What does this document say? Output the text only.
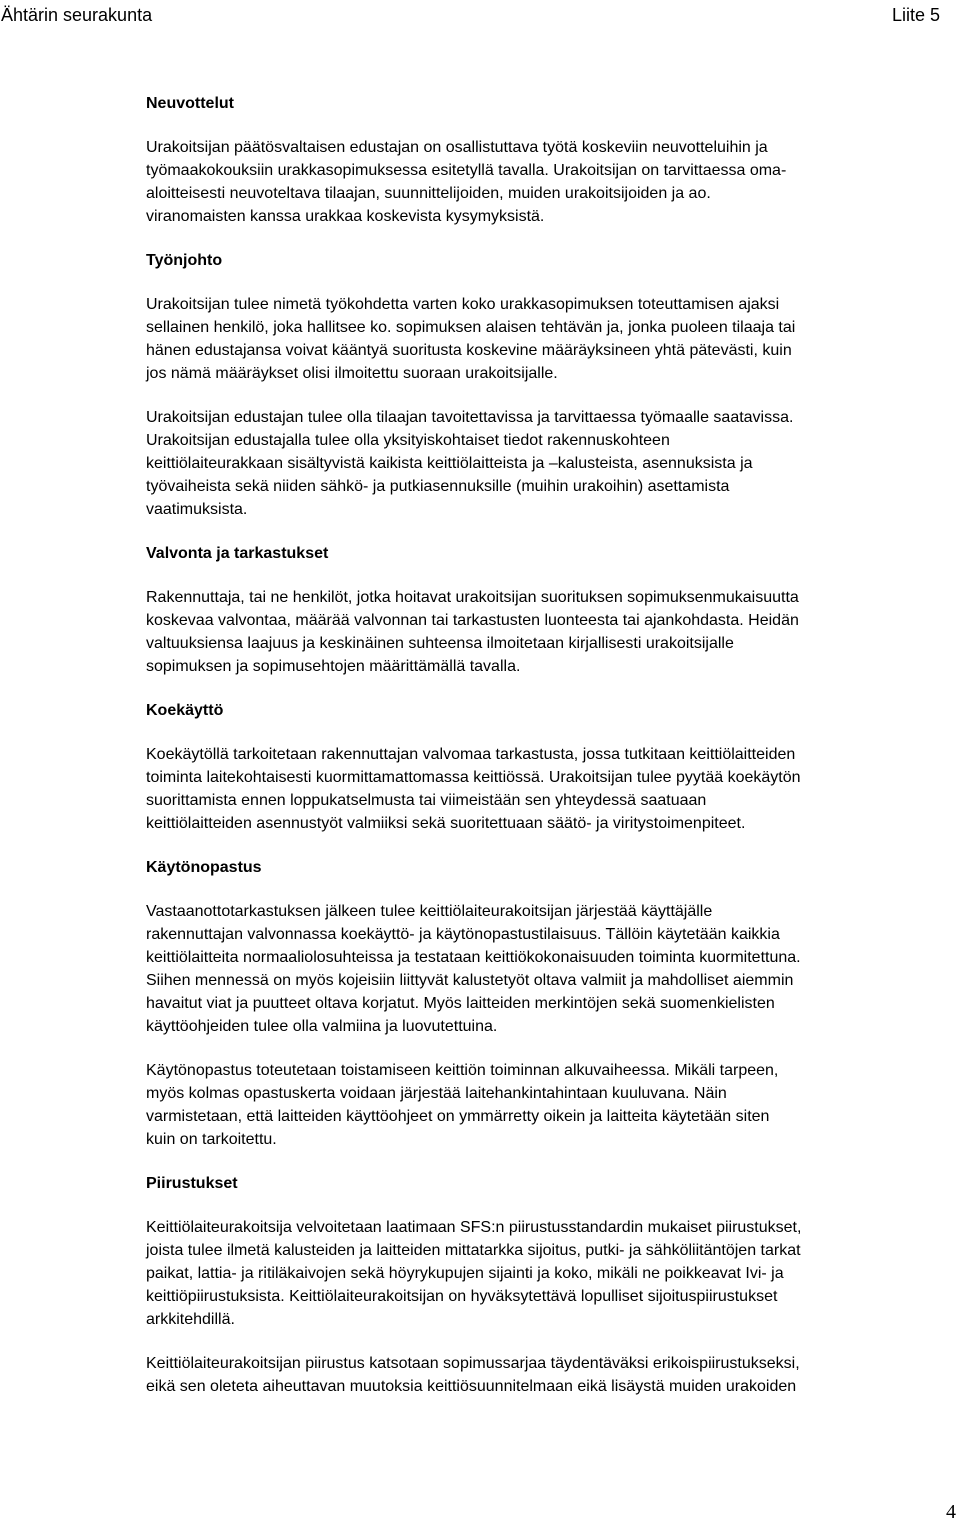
Ähtärin seurakunta	Liite 5
Neuvottelut

Urakoitsijan päätösvaltaisen edustajan on osallistuttava työtä koskeviin neuvotteluihin ja
työmaakokouksiin urakkasopimuksessa esitetyllä tavalla. Urakoitsijan on tarvittaessa oma-
aloitteisesti neuvoteltava tilaajan, suunnittelijoiden, muiden urakoitsijoiden ja ao.
viranomaisten kanssa urakkaa koskevista kysymyksistä.

Työnjohto

Urakoitsijan tulee nimetä työkohdetta varten koko urakkasopimuksen toteuttamisen ajaksi
sellainen henkilö, joka hallitsee ko. sopimuksen alaisen tehtävän ja, jonka puoleen tilaaja tai
hänen edustajansa voivat kääntyä suoritusta koskevine määräyksineen yhtä pätevästi, kuin
jos nämä määräykset olisi ilmoitettu suoraan urakoitsijalle.

Urakoitsijan edustajan tulee olla tilaajan tavoitettavissa ja tarvittaessa työmaalle saatavissa.

Urakoitsijan edustajalla tulee olla yksityiskohtaiset tiedot rakennuskohteen
keittiölaiteurakkaan sisältyvistä kaikista keittiölaitteista ja –kalusteista, asennuksista ja
työvaiheista sekä niiden sähkö- ja putkiasennuksille (muihin urakoihin) asettamista
vaatimuksista.

Valvonta ja tarkastukset

Rakennuttaja, tai ne henkilöt, jotka hoitavat urakoitsijan suorituksen sopimuksenmukaisuutta
koskevaa valvontaa, määrää valvonnan tai tarkastusten luonteesta tai ajankohdasta. Heidän
valtuuksiensa laajuus ja keskinäinen suhteensa ilmoitetaan kirjallisesti urakoitsijalle
sopimuksen ja sopimusehtojen määrittämällä tavalla.

Koekäyttö

Koekäytöllä tarkoitetaan rakennuttajan valvomaa tarkastusta, jossa tutkitaan keittiölaitteiden
toiminta laitekohtaisesti kuormittamattomassa keittiössä. Urakoitsijan tulee pyytää koekäytön
suorittamista ennen loppukatselmusta tai viimeistään sen yhteydessä saatuaan
keittiölaitteiden asennustyöt valmiiksi sekä suoritettuaan säätö- ja viritystoimenpiteet.

Käytönopastus

Vastaanottotarkastuksen jälkeen tulee keittiölaiteurakoitsijan järjestää käyttäjälle
rakennuttajan valvonnassa koekäyttö- ja käytönopastustilaisuus. Tällöin käytetään kaikkia
keittiölaitteita normaaliolosuhteissa ja testataan keittiökokonaisuuden toiminta kuormitettuna.
Siihen mennessä on myös kojeisiin liittyvät kalustetyöt oltava valmiit ja mahdolliset aiemmin
havaitut viat ja puutteet oltava korjatut. Myös laitteiden merkintöjen sekä suomenkielisten
käyttöohjeiden tulee olla valmiina ja luovutettuina.

Käytönopastus toteutetaan toistamiseen keittiön toiminnan alkuvaiheessa. Mikäli tarpeen,
myös kolmas opastuskerta voidaan järjestää laitehankintahintaan kuuluvana. Näin
varmistetaan, että laitteiden käyttöohjeet on ymmärretty oikein ja laitteita käytetään siten
kuin on tarkoitettu.

Piirustukset

Keittiölaiteurakoitsija velvoitetaan laatimaan SFS:n piirustusstandardin mukaiset piirustukset,
joista tulee ilmetä kalusteiden ja laitteiden mittatarkka sijoitus, putki- ja sähköliitäntöjen tarkat
paikat, lattia- ja ritiläkaivojen sekä höyrykupujen sijainti ja koko, mikäli ne poikkeavat Ivi- ja
keittiöpiirustuksista. Keittiölaiteurakoitsijan on hyväksytettävä lopulliset sijoituspiirustukset
arkkitehdillä.

Keittiölaiteurakoitsijan piirustus katsotaan sopimussarjaa täydentäväksi erikoispiirustukseksi,
eikä sen oleteta aiheuttavan muutoksia keittiösuunnitelmaan eikä lisäystä muiden urakoiden

4
